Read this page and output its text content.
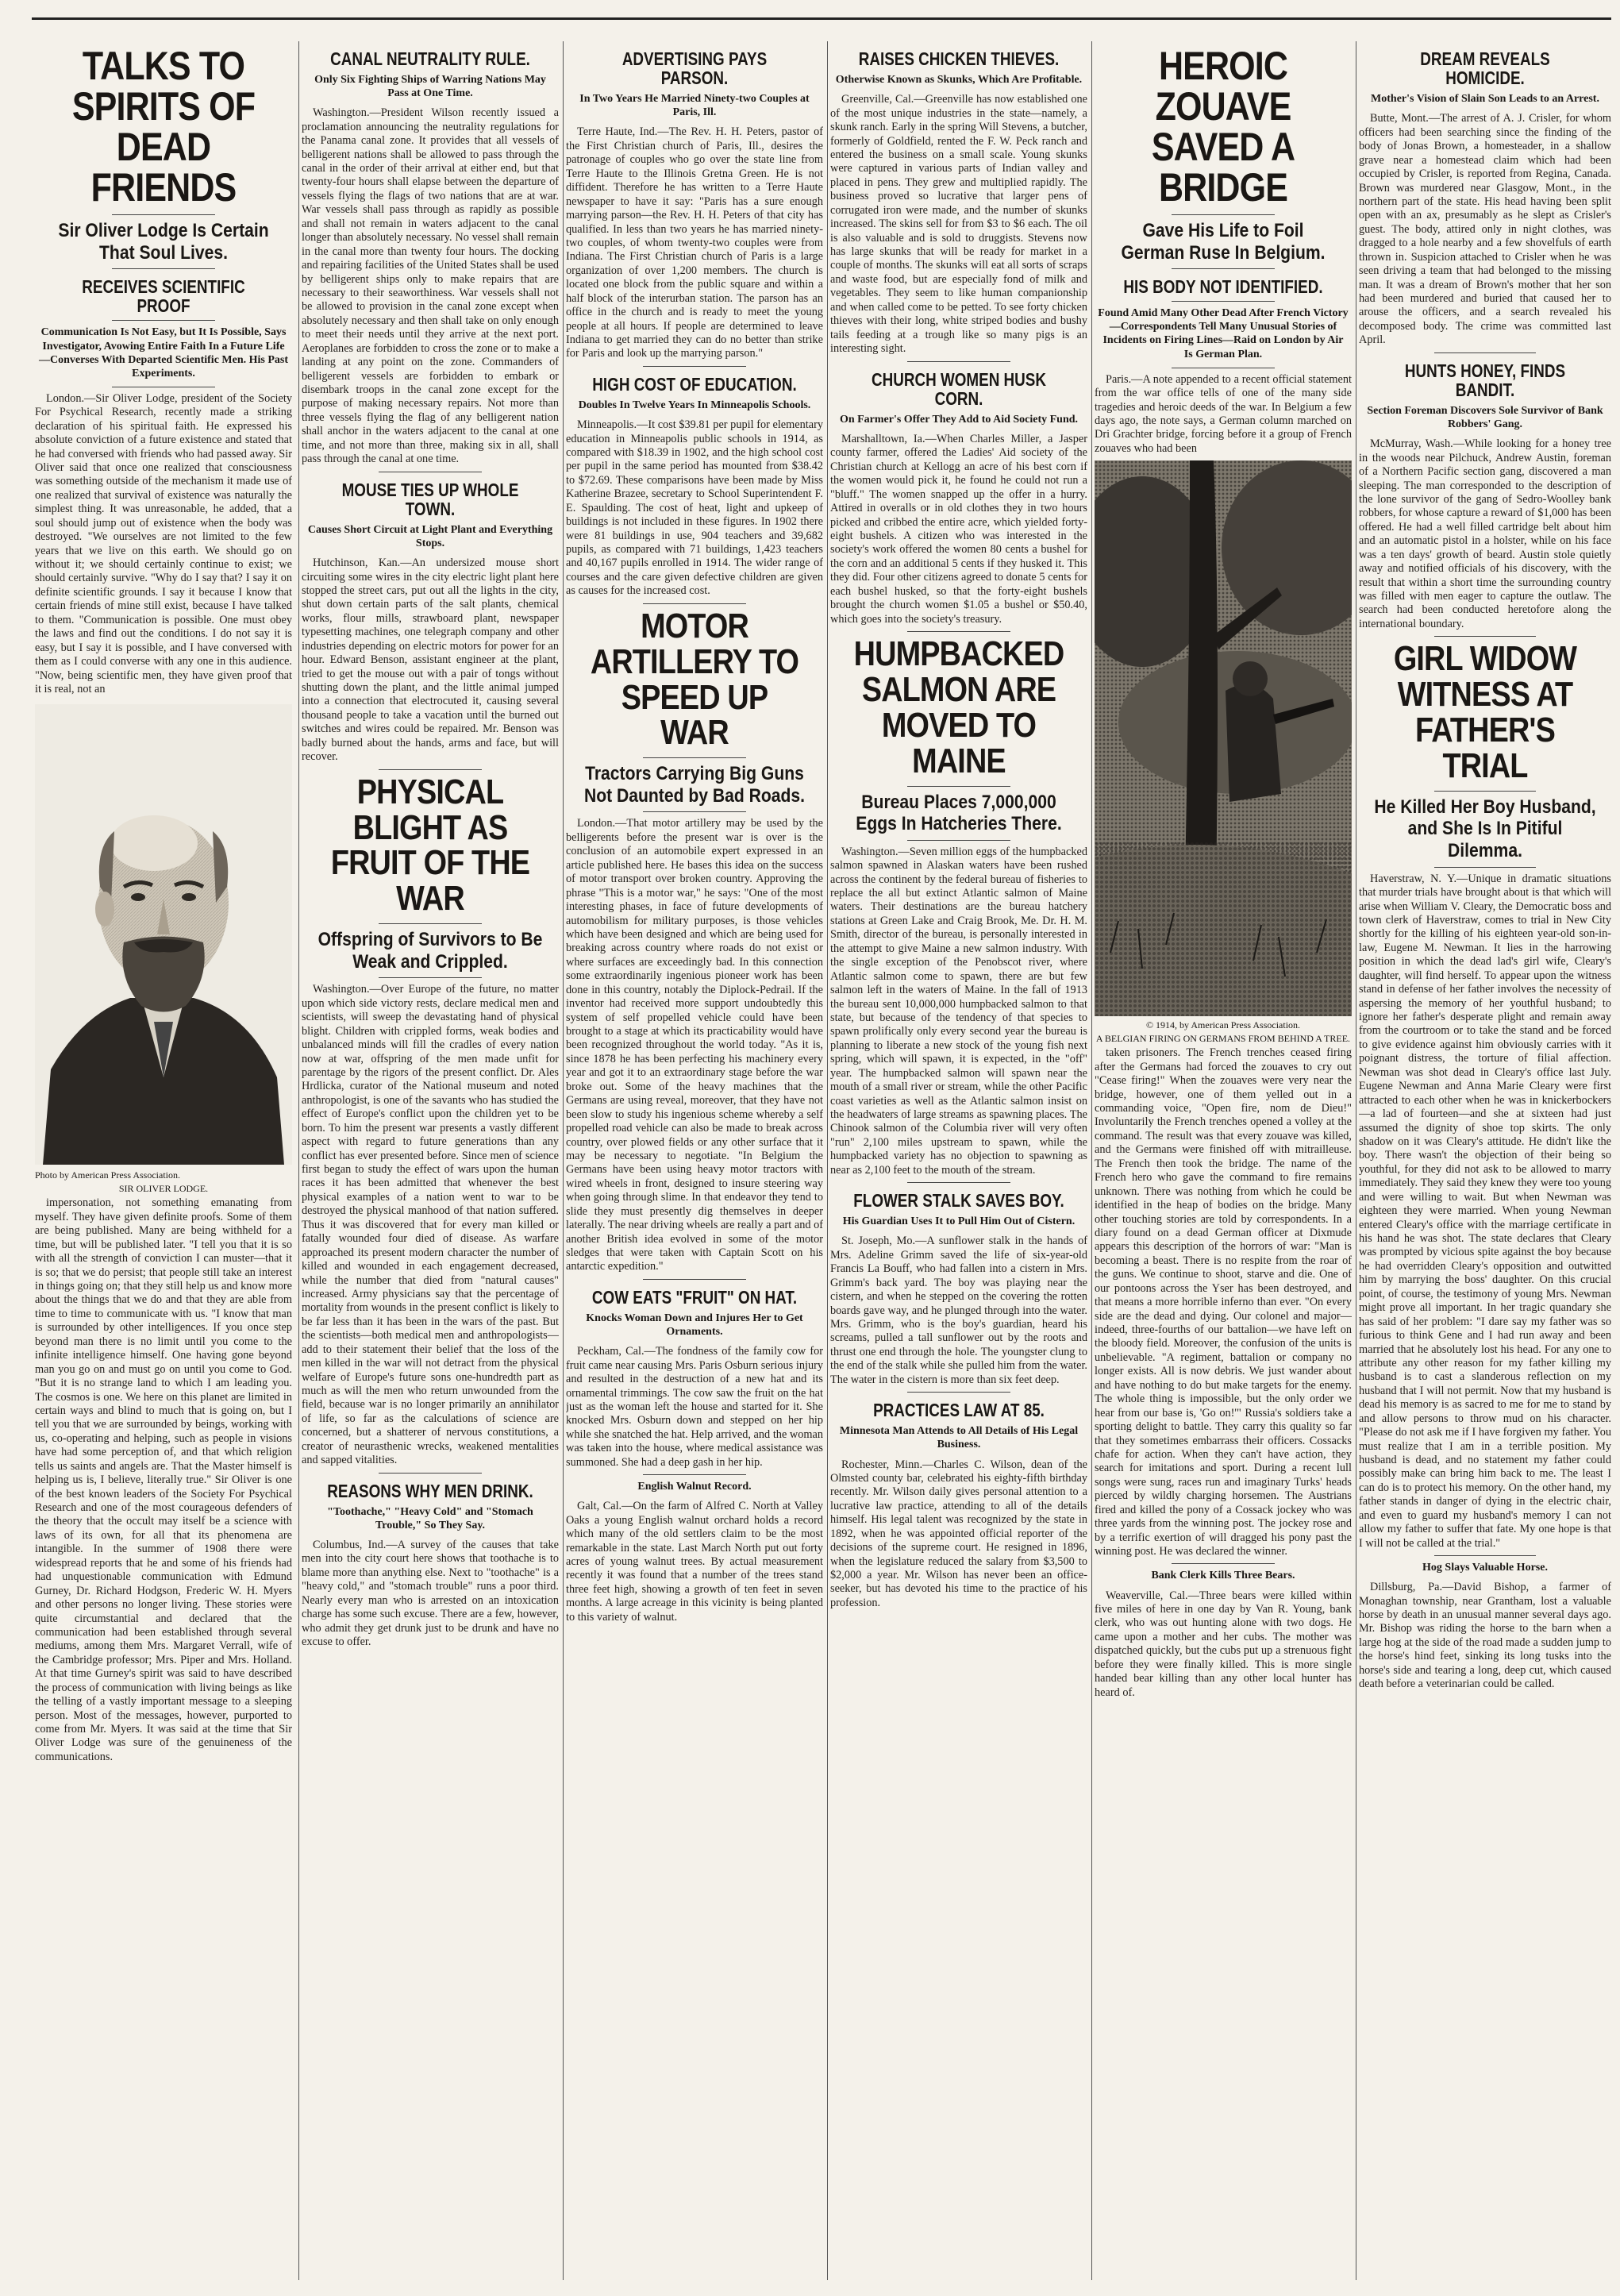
TALKS TO SPIRITS OF DEAD FRIENDS
Sir Oliver Lodge Is Certain That Soul Lives.
RECEIVES SCIENTIFIC PROOF
Communication Is Not Easy, but It Is Possible, Says Investigator, Avowing Entire Faith In a Future Life—Converses With Departed Scientific Men. His Past Experiments.

London.—Sir Oliver Lodge, president of the Society For Psychical Research, recently made a striking declaration of his spiritual faith. He expressed his absolute conviction of a future existence and stated that he had conversed with friends who had passed away. Sir Oliver said that once one realized that consciousness was something outside of the mechanism it made use of one realized that survival of existence was naturally the simplest thing. It was unreasonable, he added, that a soul should jump out of existence when the body was destroyed. "We ourselves are not limited to the few years that we live on this earth. We should go on without it; we should certainly continue to exist; we should certainly survive. "Why do I say that? I say it on definite scientific grounds. I say it because I know that certain friends of mine still exist, because I have talked to them. "Communication is possible. One must obey the laws and find out the conditions. I do not say it is easy, but I say it is possible, and I have conversed with them as I could converse with any one in this audience. "Now, being scientific men, they have given proof that it is real, not an

Photo by American Press Association.
SIR OLIVER LODGE.

impersonation, not something emanating from myself. They have given definite proofs. Some of them are being published. Many are being withheld for a time, but will be published later. "I tell you that it is so with all the strength of conviction I can muster—that it is so; that we do persist; that people still take an interest in things going on; that they still help us and know more about the things that we do and that they are able from time to time to communicate with us. "I know that man is surrounded by other intelligences. If you once step beyond man there is no limit until you come to the infinite intelligence himself. One having gone beyond man you go on and must go on until you come to God. "But it is no strange land to which I am leading you. The cosmos is one. We here on this planet are limited in certain ways and blind to much that is going on, but I tell you that we are surrounded by beings, working with us, co-operating and helping, such as people in visions have had some perception of, and that which religion tells us saints and angels are. That the Master himself is helping us is, I believe, literally true." Sir Oliver is one of the best known leaders of the Society For Psychical Research and one of the most courageous defenders of the theory that the occult may itself be a science with laws of its own, for all that its phenomena are intangible. In the summer of 1908 there were widespread reports that he and some of his friends had had unquestionable communication with Edmund Gurney, Dr. Richard Hodgson, Frederic W. H. Myers and other persons no longer living. These stories were quite circumstantial and declared that the communication had been established through several mediums, among them Mrs. Margaret Verrall, wife of the Cambridge professor; Mrs. Piper and Mrs. Holland. At that time Gurney's spirit was said to have described the process of communication with living beings as like the telling of a vastly important message to a sleeping person. Most of the messages, however, purported to come from Mr. Myers. It was said at the time that Sir Oliver Lodge was sure of the genuineness of the communications.

CANAL NEUTRALITY RULE.
Only Six Fighting Ships of Warring Nations May Pass at One Time.

Washington.—President Wilson recently issued a proclamation announcing the neutrality regulations for the Panama canal zone. It provides that all vessels of belligerent nations shall be allowed to pass through the canal in the order of their arrival at either end, but that twenty-four hours shall elapse between the departure of vessels flying the flags of two nations that are at war. War vessels shall pass through as rapidly as possible and shall not remain in waters adjacent to the canal longer than absolutely necessary. No vessel shall remain in the canal more than twenty four hours. The docking and repairing facilities of the United States shall be used by belligerent ships only to make repairs that are necessary to their seaworthiness. War vessels shall not be allowed to provision in the canal zone except when absolutely necessary and then shall take on only enough to meet their needs until they arrive at the next port. Aeroplanes are forbidden to cross the zone or to make a landing at any point on the zone. Commanders of belligerent vessels are forbidden to embark or disembark troops in the canal zone except for the purpose of making necessary repairs. Not more than three vessels flying the flag of any belligerent nation shall anchor in the waters adjacent to the canal at one time, and not more than three, making six in all, shall pass through the canal at one time.

MOUSE TIES UP WHOLE TOWN.
Causes Short Circuit at Light Plant and Everything Stops.

Hutchinson, Kan.—An undersized mouse short circuiting some wires in the city electric light plant here stopped the street cars, put out all the lights in the city, shut down certain parts of the salt plants, chemical works, flour mills, strawboard plant, newspaper typesetting machines, one telegraph company and other industries depending on electric motors for power for an hour. Edward Benson, assistant engineer at the plant, tried to get the mouse out with a pair of tongs without shutting down the plant, and the little animal jumped into a connection that electrocuted it, causing several thousand people to take a vacation until the burned out switches and wires could be repaired. Mr. Benson was badly burned about the hands, arms and face, but will recover.

PHYSICAL BLIGHT AS FRUIT OF THE WAR
Offspring of Survivors to Be Weak and Crippled.

Washington.—Over Europe of the future, no matter upon which side victory rests, declare medical men and scientists, will sweep the devastating hand of physical blight. Children with crippled forms, weak bodies and unbalanced minds will fill the cradles of every nation now at war, offspring of the men made unfit for parentage by the rigors of the present conflict. Dr. Ales Hrdlicka, curator of the National museum and noted anthropologist, is one of the savants who has studied the effect of Europe's conflict upon the children yet to be born. To him the present war presents a vastly different aspect with regard to future generations than any conflict has ever presented before. Since men of science first began to study the effect of wars upon the human races it has been admitted that whenever the best physical examples of a nation went to war to be destroyed the physical manhood of that nation suffered. Thus it was discovered that for every man killed or fatally wounded four died of disease. As warfare approached its present modern character the number of killed and wounded in each engagement decreased, while the number that died from "natural causes" increased. Army physicians say that the percentage of mortality from wounds in the present conflict is likely to be far less than it has been in the wars of the past. But the scientists—both medical men and anthropologists—add to their statement their belief that the loss of the men killed in the war will not detract from the physical welfare of Europe's future sons one-hundredth part as much as will the men who return unwounded from the field, because war is no longer primarily an annihilator of life, so far as the calculations of science are concerned, but a shatterer of nervous constitutions, a creator of neurasthenic wrecks, weakened mentalities and sapped vitalities.

REASONS WHY MEN DRINK.
"Toothache," "Heavy Cold" and "Stomach Trouble," So They Say.

Columbus, Ind.—A survey of the causes that take men into the city court here shows that toothache is to blame more than anything else. Next to "toothache" is a "heavy cold," and "stomach trouble" runs a poor third. Nearly every man who is arrested on an intoxication charge has some such excuse. There are a few, however, who admit they get drunk just to be drunk and have no excuse to offer.

ADVERTISING PAYS PARSON.
In Two Years He Married Ninety-two Couples at Paris, Ill.

Terre Haute, Ind.—The Rev. H. H. Peters, pastor of the First Christian church of Paris, Ill., desires the patronage of couples who go over the state line from Terre Haute to the Illinois Gretna Green. He is not diffident. Therefore he has written to a Terre Haute newspaper to have it say: "Paris has a sure enough marrying parson—the Rev. H. H. Peters of that city has qualified. In less than two years he has married ninety-two couples, of whom twenty-two couples were from Indiana. The First Christian church of Paris is a large organization of over 1,200 members. The church is located one block from the public square and within a half block of the interurban station. The parson has an office in the church and is ready to meet the young people at all hours. If people are determined to leave Indiana to get married they can do no better than strike for Paris and look up the marrying parson."

HIGH COST OF EDUCATION.
Doubles In Twelve Years In Minneapolis Schools.

Minneapolis.—It cost $39.81 per pupil for elementary education in Minneapolis public schools in 1914, as compared with $18.39 in 1902, and the high school cost per pupil in the same period has mounted from $38.42 to $72.69. These comparisons have been made by Miss Katherine Brazee, secretary to School Superintendent F. E. Spaulding. The cost of heat, light and upkeep of buildings is not included in these figures. In 1902 there were 81 buildings in use, 904 teachers and 39,682 pupils, as compared with 71 buildings, 1,423 teachers and 40,167 pupils enrolled in 1914. The wider range of courses and the care given defective children are given as causes for the increased cost.

MOTOR ARTILLERY TO SPEED UP WAR
Tractors Carrying Big Guns Not Daunted by Bad Roads.

London.—That motor artillery may be used by the belligerents before the present war is over is the conclusion of an automobile expert expressed in an article published here. He bases this idea on the success of motor transport over broken country. Approving the phrase "This is a motor war," he says: "One of the most interesting phases, in face of future developments of automobilism for military purposes, is those vehicles which have been designed and which are being used for breaking across country where roads do not exist or where surfaces are exceedingly bad. In this connection some extraordinarily ingenious pioneer work has been done in this country, notably the Diplock-Pedrail. If the inventor had received more support undoubtedly this system of self propelled vehicle could have been brought to a stage at which its practicability would have been recognized throughout the world today. "As it is, since 1878 he has been perfecting his machinery every year and got it to an extraordinary stage before the war broke out. Some of the heavy machines that the Germans are using reveal, moreover, that they have not been slow to study his ingenious scheme whereby a self propelled road vehicle can also be made to break across country, over plowed fields or any other surface that it may be necessary to negotiate. "In Belgium the Germans have been using heavy motor tractors with wired wheels in front, designed to insure steering way when going through slime. In that endeavor they tend to slide they must presently dig themselves in deeper laterally. The near driving wheels are really a part and of another British idea evolved in some of the motor sledges that were taken with Captain Scott on his antarctic expedition."

COW EATS "FRUIT" ON HAT.
Knocks Woman Down and Injures Her to Get Ornaments.

Peckham, Cal.—The fondness of the family cow for fruit came near causing Mrs. Paris Osburn serious injury and resulted in the destruction of a new hat and its ornamental trimmings. The cow saw the fruit on the hat just as the woman left the house and started for it. She knocked Mrs. Osburn down and stepped on her hip while she snatched the hat. Help arrived, and the woman was taken into the house, where medical assistance was summoned. She had a deep gash in her hip.

English Walnut Record.

Galt, Cal.—On the farm of Alfred C. North at Valley Oaks a young English walnut orchard holds a record which many of the old settlers claim to be the most remarkable in the state. Last March North put out forty acres of young walnut trees. By actual measurement recently it was found that a number of the trees stand three feet high, showing a growth of ten feet in seven months. A large acreage in this vicinity is being planted to this variety of walnut.

RAISES CHICKEN THIEVES.
Otherwise Known as Skunks, Which Are Profitable.

Greenville, Cal.—Greenville has now established one of the most unique industries in the state—namely, a skunk ranch. Early in the spring Will Stevens, a butcher, formerly of Goldfield, rented the F. W. Peck ranch and entered the business on a small scale. Young skunks were captured in various parts of Indian valley and placed in pens. They grew and multiplied rapidly. The business proved so lucrative that larger pens of corrugated iron were made, and the number of skunks increased. The skins sell for from $3 to $6 each. The oil is also valuable and is sold to druggists. Stevens now has large skunks that will be ready for market in a couple of months. The skunks will eat all sorts of scraps and waste food, but are especially fond of milk and vegetables. They seem to like human companionship and when called come to be petted. To see forty chicken thieves with their long, white striped bodies and bushy tails feeding at a trough like so many pigs is an interesting sight.

CHURCH WOMEN HUSK CORN.
On Farmer's Offer They Add to Aid Society Fund.

Marshalltown, Ia.—When Charles Miller, a Jasper county farmer, offered the Ladies' Aid society of the Christian church at Kellogg an acre of his best corn if the women would pick it, he found he could not run a "bluff." The women snapped up the offer in a hurry. Attired in overalls or in old clothes they in two hours picked and cribbed the entire acre, which yielded forty-eight bushels. A citizen who was interested in the society's work offered the women 80 cents a bushel for the corn and an additional 5 cents if they husked it. This they did. Four other citizens agreed to donate 5 cents for each bushel husked, so that the forty-eight bushels brought the church women $1.05 a bushel or $50.40, which goes into the society's treasury.

HUMPBACKED SALMON ARE MOVED TO MAINE
Bureau Places 7,000,000 Eggs In Hatcheries There.

Washington.—Seven million eggs of the humpbacked salmon spawned in Alaskan waters have been rushed across the continent by the federal bureau of fisheries to replace the all but extinct Atlantic salmon of Maine waters. Their destinations are the bureau hatchery stations at Green Lake and Craig Brook, Me. Dr. H. M. Smith, director of the bureau, is personally interested in the attempt to give Maine a new salmon industry. With the single exception of the Penobscot river, where Atlantic salmon come to spawn, there are but few salmon left in the waters of Maine. In the fall of 1913 the bureau sent 10,000,000 humpbacked salmon to that state, but because of the tendency of that species to spawn prolifically only every second year the bureau is planning to liberate a new stock of the young fish next spring, which will spawn, it is expected, in the "off" year. The humpbacked salmon will spawn near the mouth of a small river or stream, while the other Pacific coast varieties as well as the Atlantic salmon insist on the headwaters of large streams as spawning places. The Chinook salmon of the Columbia river will very often "run" 2,100 miles upstream to spawn, while the humpbacked variety has no objection to spawning as near as 2,100 feet to the mouth of the stream.

FLOWER STALK SAVES BOY.
His Guardian Uses It to Pull Him Out of Cistern.

St. Joseph, Mo.—A sunflower stalk in the hands of Mrs. Adeline Grimm saved the life of six-year-old Francis La Bouff, who had fallen into a cistern in Mrs. Grimm's back yard. The boy was playing near the cistern, and when he stepped on the covering the rotten boards gave way, and he plunged through into the water. Mrs. Grimm, who is the boy's guardian, heard his screams, pulled a tall sunflower out by the roots and thrust one end through the hole. The youngster clung to the end of the stalk while she pulled him from the water. The water in the cistern is more than six feet deep.

PRACTICES LAW AT 85.
Minnesota Man Attends to All Details of His Legal Business.

Rochester, Minn.—Charles C. Wilson, dean of the Olmsted county bar, celebrated his eighty-fifth birthday recently. Mr. Wilson daily gives personal attention to a lucrative law practice, attending to all of the details himself. His legal talent was recognized by the state in 1892, when he was appointed official reporter of the decisions of the supreme court. He resigned in 1896, when the legislature reduced the salary from $3,500 to $2,000 a year. Mr. Wilson has never been an office-seeker, but has devoted his time to the practice of his profession.

HEROIC ZOUAVE SAVED A BRIDGE
Gave His Life to Foil German Ruse In Belgium.
HIS BODY NOT IDENTIFIED.
Found Amid Many Other Dead After French Victory—Correspondents Tell Many Unusual Stories of Incidents on Firing Lines—Raid on London by Air Is German Plan.

Paris.—A note appended to a recent official statement from the war office tells of one of the many side tragedies and heroic deeds of the war. In Belgium a few days ago, the note says, a German column marched on Dri Grachter bridge, forcing before it a group of French zouaves who had been

© 1914, by American Press Association.
A BELGIAN FIRING ON GERMANS FROM BEHIND A TREE.

taken prisoners. The French trenches ceased firing after the Germans had forced the zouaves to cry out "Cease firing!" When the zouaves were very near the bridge, however, one of them yelled out in a commanding voice, "Open fire, nom de Dieu!" Involuntarily the French trenches opened a volley at the command. The result was that every zouave was killed, and the Germans were finished off with mitrailleuse. The French then took the bridge. The name of the French hero who gave the command to fire remains unknown. There was nothing from which he could be identified in the heap of bodies on the bridge. Many other touching stories are told by correspondents. In a diary found on a dead German officer at Dixmude appears this description of the horrors of war: "Man is becoming a beast. There is no respite from the roar of the guns. We continue to shoot, starve and die. One of our pontoons across the Yser has been destroyed, and that means a more horrible inferno than ever. "On every side are the dead and dying. Our colonel and major—indeed, three-fourths of our battalion—we have left on the bloody field. Moreover, the confusion of the units is unbelievable. "A regiment, battalion or company no longer exists. All is now debris. We just wander about and have nothing to do but make targets for the enemy. The whole thing is impossible, but the only order we hear from our base is, 'Go on!'" Russia's soldiers take a sporting delight to battle. They carry this quality so far that they sometimes embarrass their officers. Cossacks chafe for action. When they can't have action, they search for imitations and sport. During a recent lull songs were sung, races run and imaginary Turks' heads pierced by wildly charging horsemen. The Austrians fired and killed the pony of a Cossack jockey who was three yards from the winning post. The jockey rose and by a terrific exertion of will dragged his pony past the winning post. He was declared the winner.

Bank Clerk Kills Three Bears.

Weaverville, Cal.—Three bears were killed within five miles of here in one day by Van R. Young, bank clerk, who was out hunting alone with two dogs. He came upon a mother and her cubs. The mother was dispatched quickly, but the cubs put up a strenuous fight before they were finally killed. This is more single handed bear killing than any other local hunter has heard of.

DREAM REVEALS HOMICIDE.
Mother's Vision of Slain Son Leads to an Arrest.

Butte, Mont.—The arrest of A. J. Crisler, for whom officers had been searching since the finding of the body of Jonas Brown, a homesteader, in a shallow grave near a homestead claim which had been occupied by Crisler, is reported from Regina, Canada. Brown was murdered near Glasgow, Mont., in the northern part of the state. His head having been split open with an ax, presumably as he slept as Crisler's guest. The body, attired only in night clothes, was dragged to a hole nearby and a few shovelfuls of earth thrown in. Suspicion attached to Crisler when he was seen driving a team that had belonged to the missing man. It was a dream of Brown's mother that her son had been murdered and buried that caused her to arouse the officers, and a search revealed his decomposed body. The crime was committed last April.

HUNTS HONEY, FINDS BANDIT.
Section Foreman Discovers Sole Survivor of Bank Robbers' Gang.

McMurray, Wash.—While looking for a honey tree in the woods near Pilchuck, Andrew Austin, foreman of a Northern Pacific section gang, discovered a man sleeping. The man corresponded to the description of the lone survivor of the gang of Sedro-Woolley bank robbers, for whose capture a reward of $1,000 has been offered. He had a well filled cartridge belt about him and an automatic pistol in a holster, while on his face was a ten days' growth of beard. Austin stole quietly away and notified officials of his discovery, with the result that within a short time the surrounding country was filled with men eager to capture the outlaw. The search had been conducted heretofore along the international boundary.

GIRL WIDOW WITNESS AT FATHER'S TRIAL
He Killed Her Boy Husband, and She Is In Pitiful Dilemma.

Haverstraw, N. Y.—Unique in dramatic situations that murder trials have brought about is that which will arise when William V. Cleary, the Democratic boss and town clerk of Haverstraw, comes to trial in New City shortly for the killing of his eighteen year-old son-in-law, Eugene M. Newman. It lies in the harrowing position in which the dead lad's girl wife, Cleary's daughter, will find herself. To appear upon the witness stand in defense of her father involves the necessity of aspersing the memory of her youthful husband; to ignore her father's desperate plight and remain away from the courtroom or to take the stand and be forced to give evidence against him obviously carries with it poignant distress, the torture of filial affection. Newman was shot dead in Cleary's office last July. Eugene Newman and Anna Marie Cleary were first attracted to each other when he was in knickerbockers—a lad of fourteen—and she at sixteen had just assumed the dignity of shoe top skirts. The only shadow on it was Cleary's attitude. He didn't like the boy. There wasn't the objection of their being so youthful, for they did not ask to be allowed to marry immediately. They said they knew they were too young and were willing to wait. But when Newman was eighteen they were married. When young Newman entered Cleary's office with the marriage certificate in his hand he was shot. The state declares that Cleary was prompted by vicious spite against the boy because he had overridden Cleary's opposition and outwitted him by marrying the boss' daughter. On this crucial point, of course, the testimony of young Mrs. Newman might prove all important. In her tragic quandary she has said of her problem: "I dare say my father was so furious to think Gene and I had run away and been married that he absolutely lost his head. For any one to attribute any other reason for my father killing my husband is to cast a slanderous reflection on my husband that I will not permit. Now that my husband is dead his memory is as sacred to me for me to stand by and allow persons to throw mud on his character. "Please do not ask me if I have forgiven my father. You must realize that I am in a terrible position. My husband is dead, and no statement my father could possibly make can bring him back to me. The least I can do is to protect his memory. On the other hand, my father stands in danger of dying in the electric chair, and even to guard my husband's memory I can not allow my father to suffer that fate. My one hope is that I will not be called at the trial."

Hog Slays Valuable Horse.

Dillsburg, Pa.—David Bishop, a farmer of Monaghan township, near Grantham, lost a valuable horse by death in an unusual manner several days ago. Mr. Bishop was riding the horse to the barn when a large hog at the side of the road made a sudden jump to the horse's hind feet, sinking its long tusks into the horse's side and tearing a long, deep cut, which caused death before a veterinarian could be called.
